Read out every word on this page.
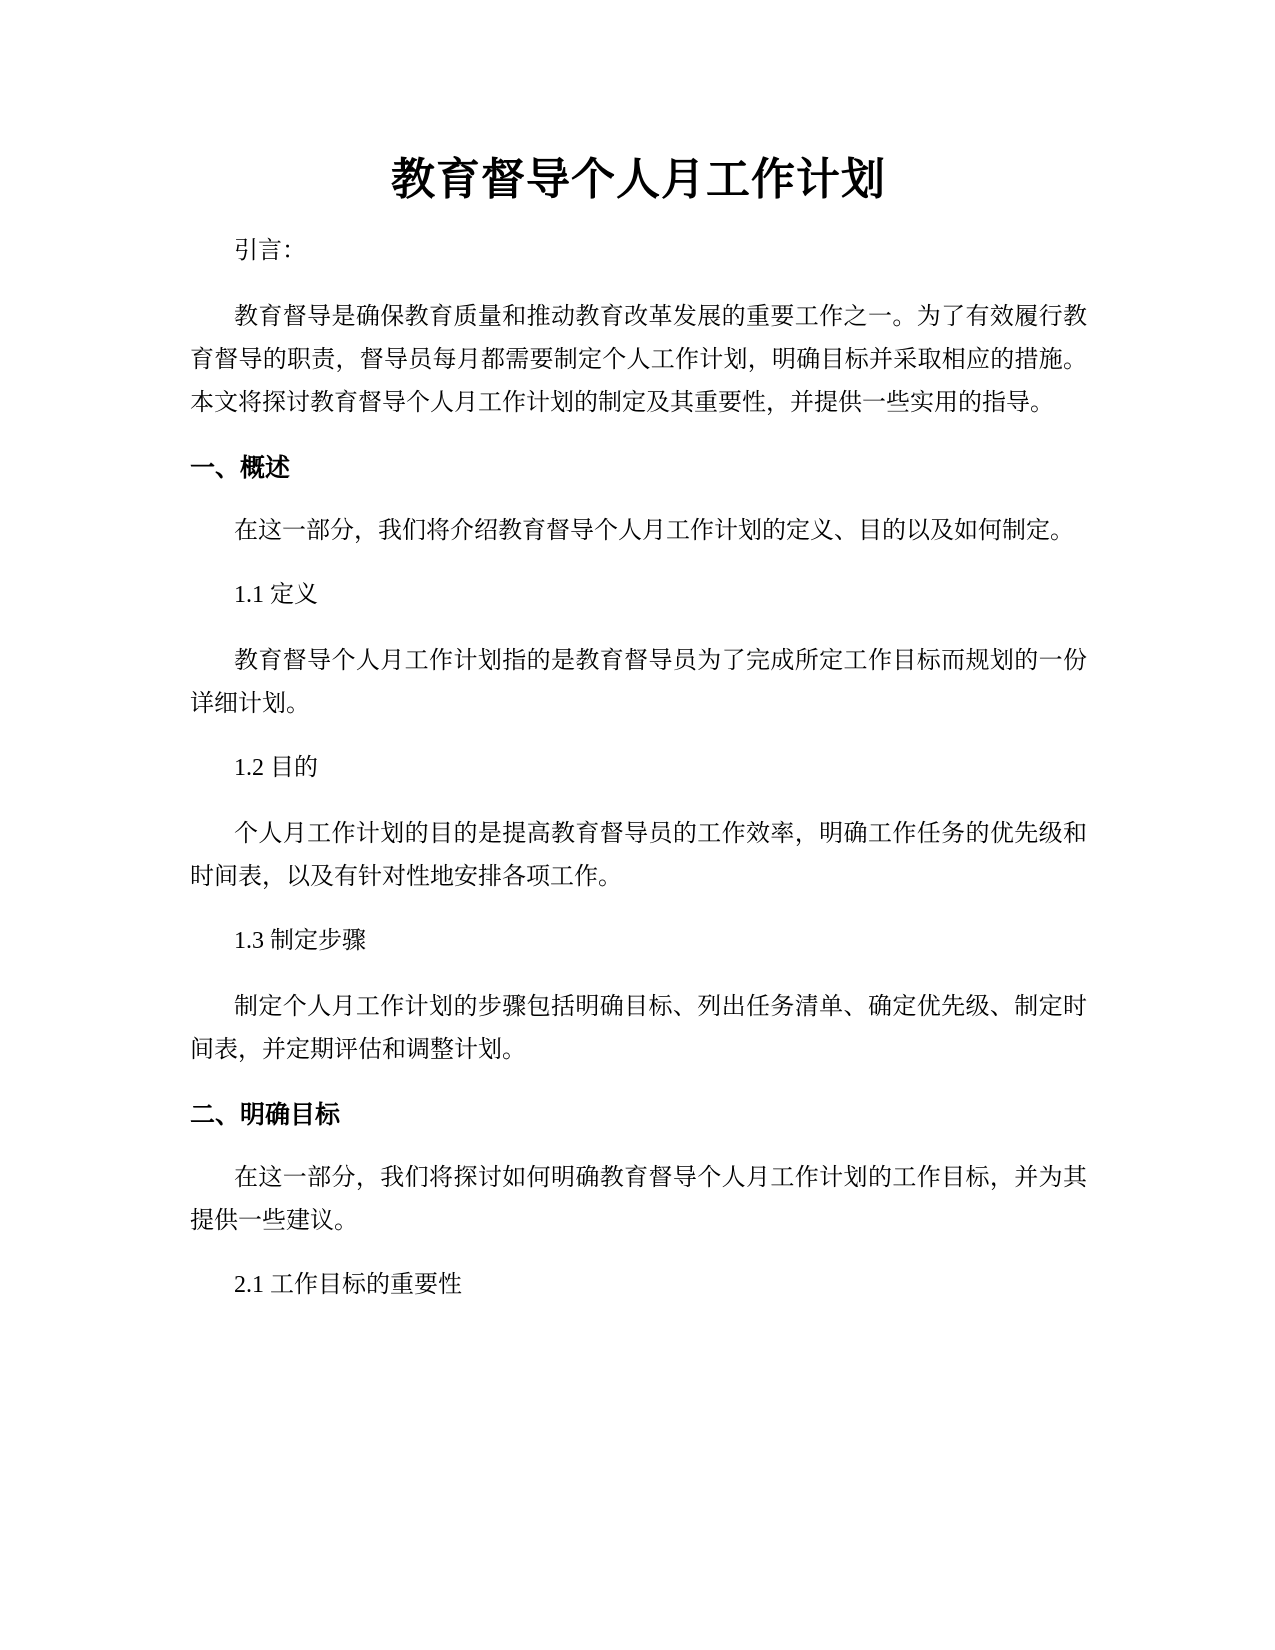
教育督导个人月工作计划

引言：

教育督导是确保教育质量和推动教育改革发展的重要工作之一。为了有效履行教育督导的职责，督导员每月都需要制定个人工作计划，明确目标并采取相应的措施。本文将探讨教育督导个人月工作计划的制定及其重要性，并提供一些实用的指导。

一、概述

在这一部分，我们将介绍教育督导个人月工作计划的定义、目的以及如何制定。

1.1 定义

教育督导个人月工作计划指的是教育督导员为了完成所定工作目标而规划的一份详细计划。

1.2 目的

个人月工作计划的目的是提高教育督导员的工作效率，明确工作任务的优先级和时间表，以及有针对性地安排各项工作。

1.3 制定步骤

制定个人月工作计划的步骤包括明确目标、列出任务清单、确定优先级、制定时间表，并定期评估和调整计划。

二、明确目标

在这一部分，我们将探讨如何明确教育督导个人月工作计划的工作目标，并为其提供一些建议。

2.1 工作目标的重要性
